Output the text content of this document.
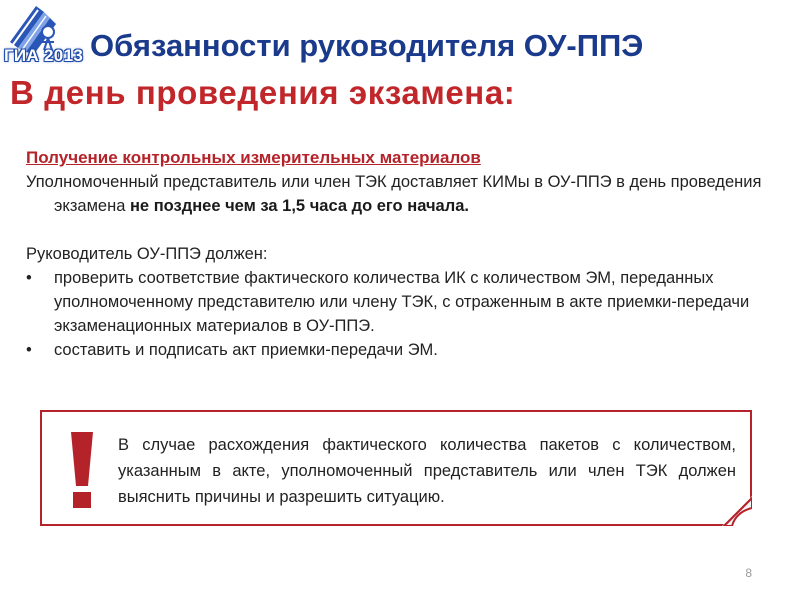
ГИА 2013 Обязанности руководителя ОУ-ППЭ
В день проведения экзамена:
Получение контрольных измерительных материалов
Уполномоченный представитель или член ТЭК доставляет КИМы в ОУ-ППЭ в день проведения экзамена не позднее чем за 1,5 часа до его начала.
Руководитель ОУ-ППЭ должен:
• проверить соответствие фактического количества ИК с количеством ЭМ, переданных уполномоченному представителю или члену ТЭК, с отраженным в акте приемки-передачи экзаменационных материалов в ОУ-ППЭ.
• составить и подписать акт приемки-передачи ЭМ.
В случае расхождения фактического количества пакетов с количеством, указанным в акте, уполномоченный представитель или член ТЭК должен выяснить причины и разрешить ситуацию.
8
